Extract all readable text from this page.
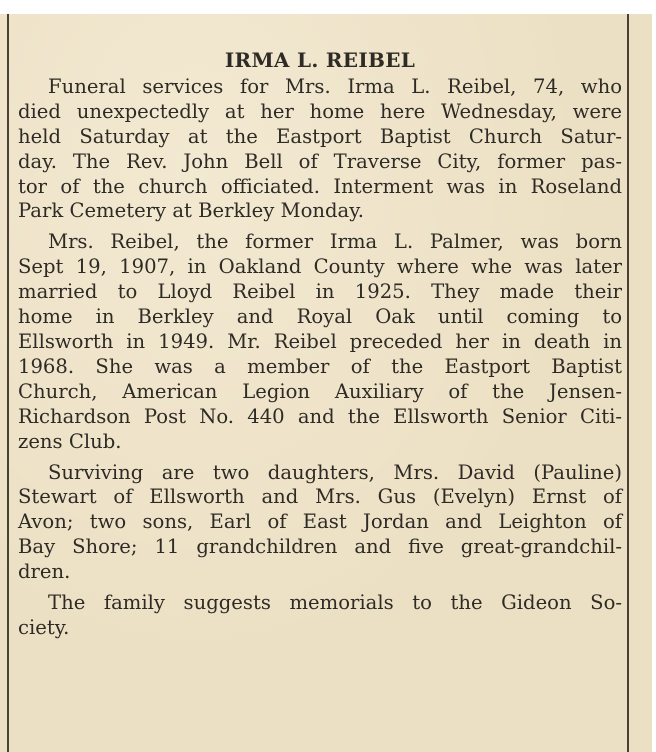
IRMA L. REIBEL
Funeral services for Mrs. Irma L. Reibel, 74, who
died unexpectedly at her home here Wednesday, were
held Saturday at the Eastport Baptist Church Satur-
day. The Rev. John Bell of Traverse City, former pas-
tor of the church officiated. Interment was in Roseland
Park Cemetery at Berkley Monday.
Mrs. Reibel, the former Irma L. Palmer, was born
Sept 19, 1907, in Oakland County where whe was later
married to Lloyd Reibel in 1925. They made their
home in Berkley and Royal Oak until coming to
Ellsworth in 1949. Mr. Reibel preceded her in death in
1968. She was a member of the Eastport Baptist
Church, American Legion Auxiliary of the Jensen-
Richardson Post No. 440 and the Ellsworth Senior Citi-
zens Club.
Surviving are two daughters, Mrs. David (Pauline)
Stewart of Ellsworth and Mrs. Gus (Evelyn) Ernst of
Avon; two sons, Earl of East Jordan and Leighton of
Bay Shore; 11 grandchildren and five great-grandchil-
dren.
The family suggests memorials to the Gideon So-
ciety.
